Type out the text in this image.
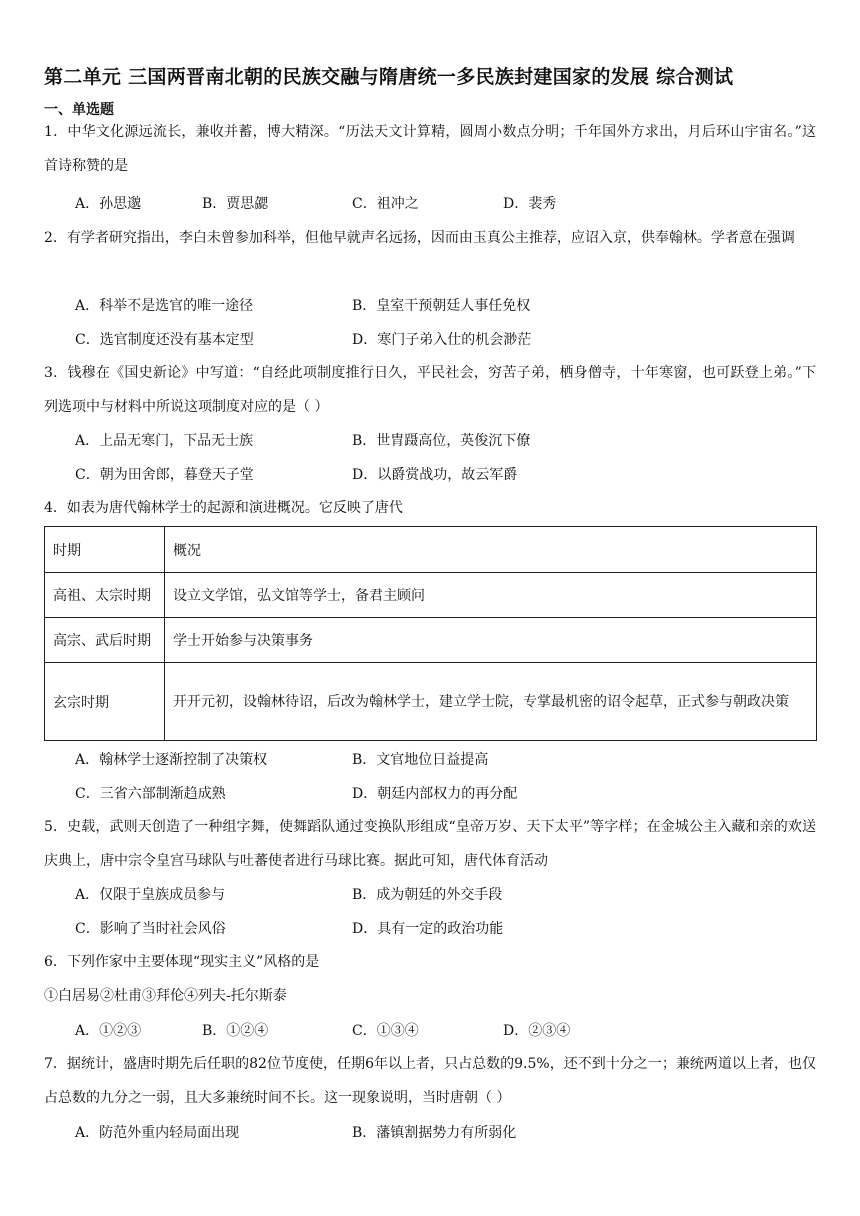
第二单元 三国两晋南北朝的民族交融与隋唐统一多民族封建国家的发展 综合测试
一、单选题
1．中华文化源远流长，兼收并蓄，博大精深。“历法天文计算精，圆周小数点分明；千年国外方求出，月后环山宇宙名。”这首诗称赞的是
A．孙思邈	B．贾思勰	C．祖冲之	D．裴秀
2．有学者研究指出，李白未曾参加科举，但他早就声名远扬，因而由玉真公主推荐，应诏入京，供奉翰林。学者意在强调
A．科举不是选官的唯一途径	B．皇室干预朝廷人事任免权
C．选官制度还没有基本定型	D．寒门子弟入仕的机会渺茫
3．钱穆在《国史新论》中写道：“自经此项制度推行日久，平民社会，穷苦子弟，栖身僧寺，十年寒窗，也可跃登上弟。”下列选项中与材料中所说这项制度对应的是（ ）
A．上品无寒门，下品无士族	B．世胄蹑高位，英俊沉下僚
C．朝为田舍郎，暮登天子堂	D．以爵赏战功，故云军爵
4．如表为唐代翰林学士的起源和演进概况。它反映了唐代
时期	概况
高祖、太宗时期	设立文学馆，弘文馆等学士，备君主顾问
高宗、武后时期	学士开始参与决策事务
玄宗时期	开开元初，设翰林待诏，后改为翰林学士，建立学士院，专掌最机密的诏令起草，正式参与朝政决策
A．翰林学士逐渐控制了决策权	B．文官地位日益提高
C．三省六部制渐趋成熟	D．朝廷内部权力的再分配
5．史载，武则天创造了一种组字舞，使舞蹈队通过变换队形组成“皇帝万岁、天下太平”等字样；在金城公主入藏和亲的欢送庆典上，唐中宗令皇宫马球队与吐蕃使者进行马球比赛。据此可知，唐代体育活动
A．仅限于皇族成员参与	B．成为朝廷的外交手段
C．影响了当时社会风俗	D．具有一定的政治功能
6．下列作家中主要体现“现实主义”风格的是
①白居易②杜甫③拜伦④列夫-托尔斯泰
A．①②③	B．①②④	C．①③④	D．②③④
7．据统计，盛唐时期先后任职的82位节度使，任期6年以上者，只占总数的9.5%，还不到十分之一；兼统两道以上者，也仅占总数的九分之一弱，且大多兼统时间不长。这一现象说明，当时唐朝（ ）
A．防范外重内轻局面出现	B．藩镇割据势力有所弱化
